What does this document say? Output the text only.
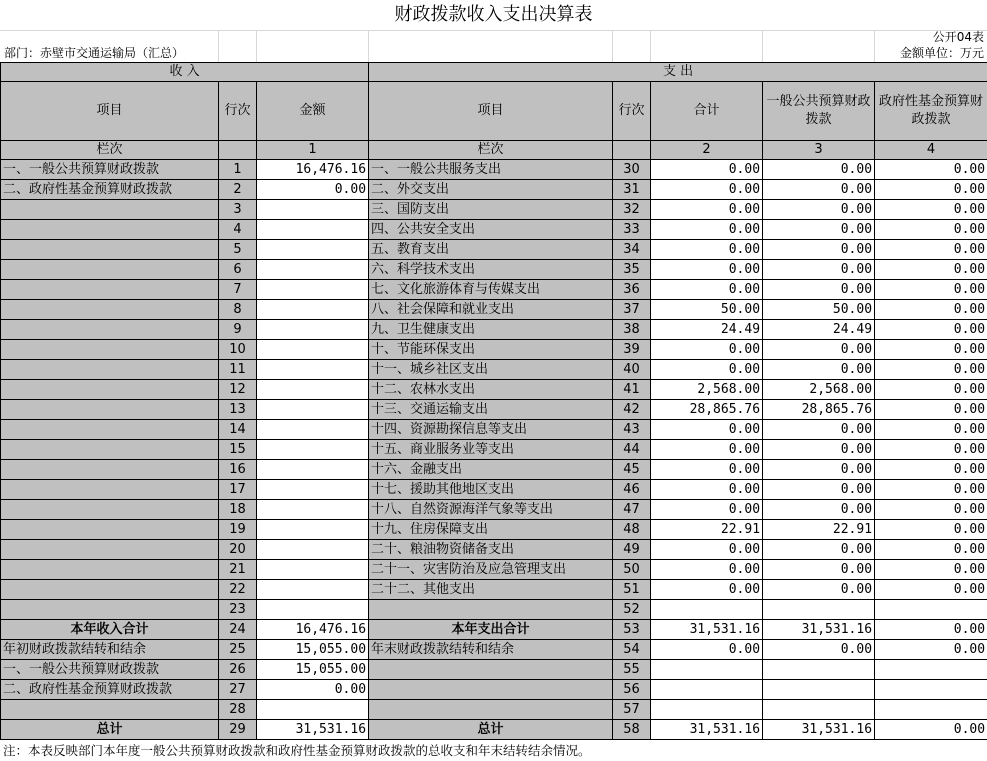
财政拨款收入支出决算表
公开04表
部门：赤壁市交通运输局（汇总）	金额单位：万元
收 入			支 出				
项目	行次	金额	项目	行次	合计	一般公共预算财政拨款	政府性基金预算财政拨款
栏次		1	栏次		2	3	4
一、一般公共预算财政拨款	1	16,476.16	一、一般公共服务支出	30	0.00	0.00	0.00
二、政府性基金预算财政拨款	2	0.00	二、外交支出	31	0.00	0.00	0.00
	3		三、国防支出	32	0.00	0.00	0.00
	4		四、公共安全支出	33	0.00	0.00	0.00
	5		五、教育支出	34	0.00	0.00	0.00
	6		六、科学技术支出	35	0.00	0.00	0.00
	7		七、文化旅游体育与传媒支出	36	0.00	0.00	0.00
	8		八、社会保障和就业支出	37	50.00	50.00	0.00
	9		九、卫生健康支出	38	24.49	24.49	0.00
	10		十、节能环保支出	39	0.00	0.00	0.00
	11		十一、城乡社区支出	40	0.00	0.00	0.00
	12		十二、农林水支出	41	2,568.00	2,568.00	0.00
	13		十三、交通运输支出	42	28,865.76	28,865.76	0.00
	14		十四、资源勘探信息等支出	43	0.00	0.00	0.00
	15		十五、商业服务业等支出	44	0.00	0.00	0.00
	16		十六、金融支出	45	0.00	0.00	0.00
	17		十七、援助其他地区支出	46	0.00	0.00	0.00
	18		十八、自然资源海洋气象等支出	47	0.00	0.00	0.00
	19		十九、住房保障支出	48	22.91	22.91	0.00
	20		二十、粮油物资储备支出	49	0.00	0.00	0.00
	21		二十一、灾害防治及应急管理支出	50	0.00	0.00	0.00
	22		二十二、其他支出	51	0.00	0.00	0.00
	23			52			
本年收入合计	24	16,476.16	本年支出合计	53	31,531.16	31,531.16	0.00
年初财政拨款结转和结余	25	15,055.00	年末财政拨款结转和结余	54	0.00	0.00	0.00
一、一般公共预算财政拨款	26	15,055.00		55			
二、政府性基金预算财政拨款	27	0.00		56			
	28			57			
总计	29	31,531.16	总计	58	31,531.16	31,531.16	0.00
注：本表反映部门本年度一般公共预算财政拨款和政府性基金预算财政拨款的总收支和年末结转结余情况。
